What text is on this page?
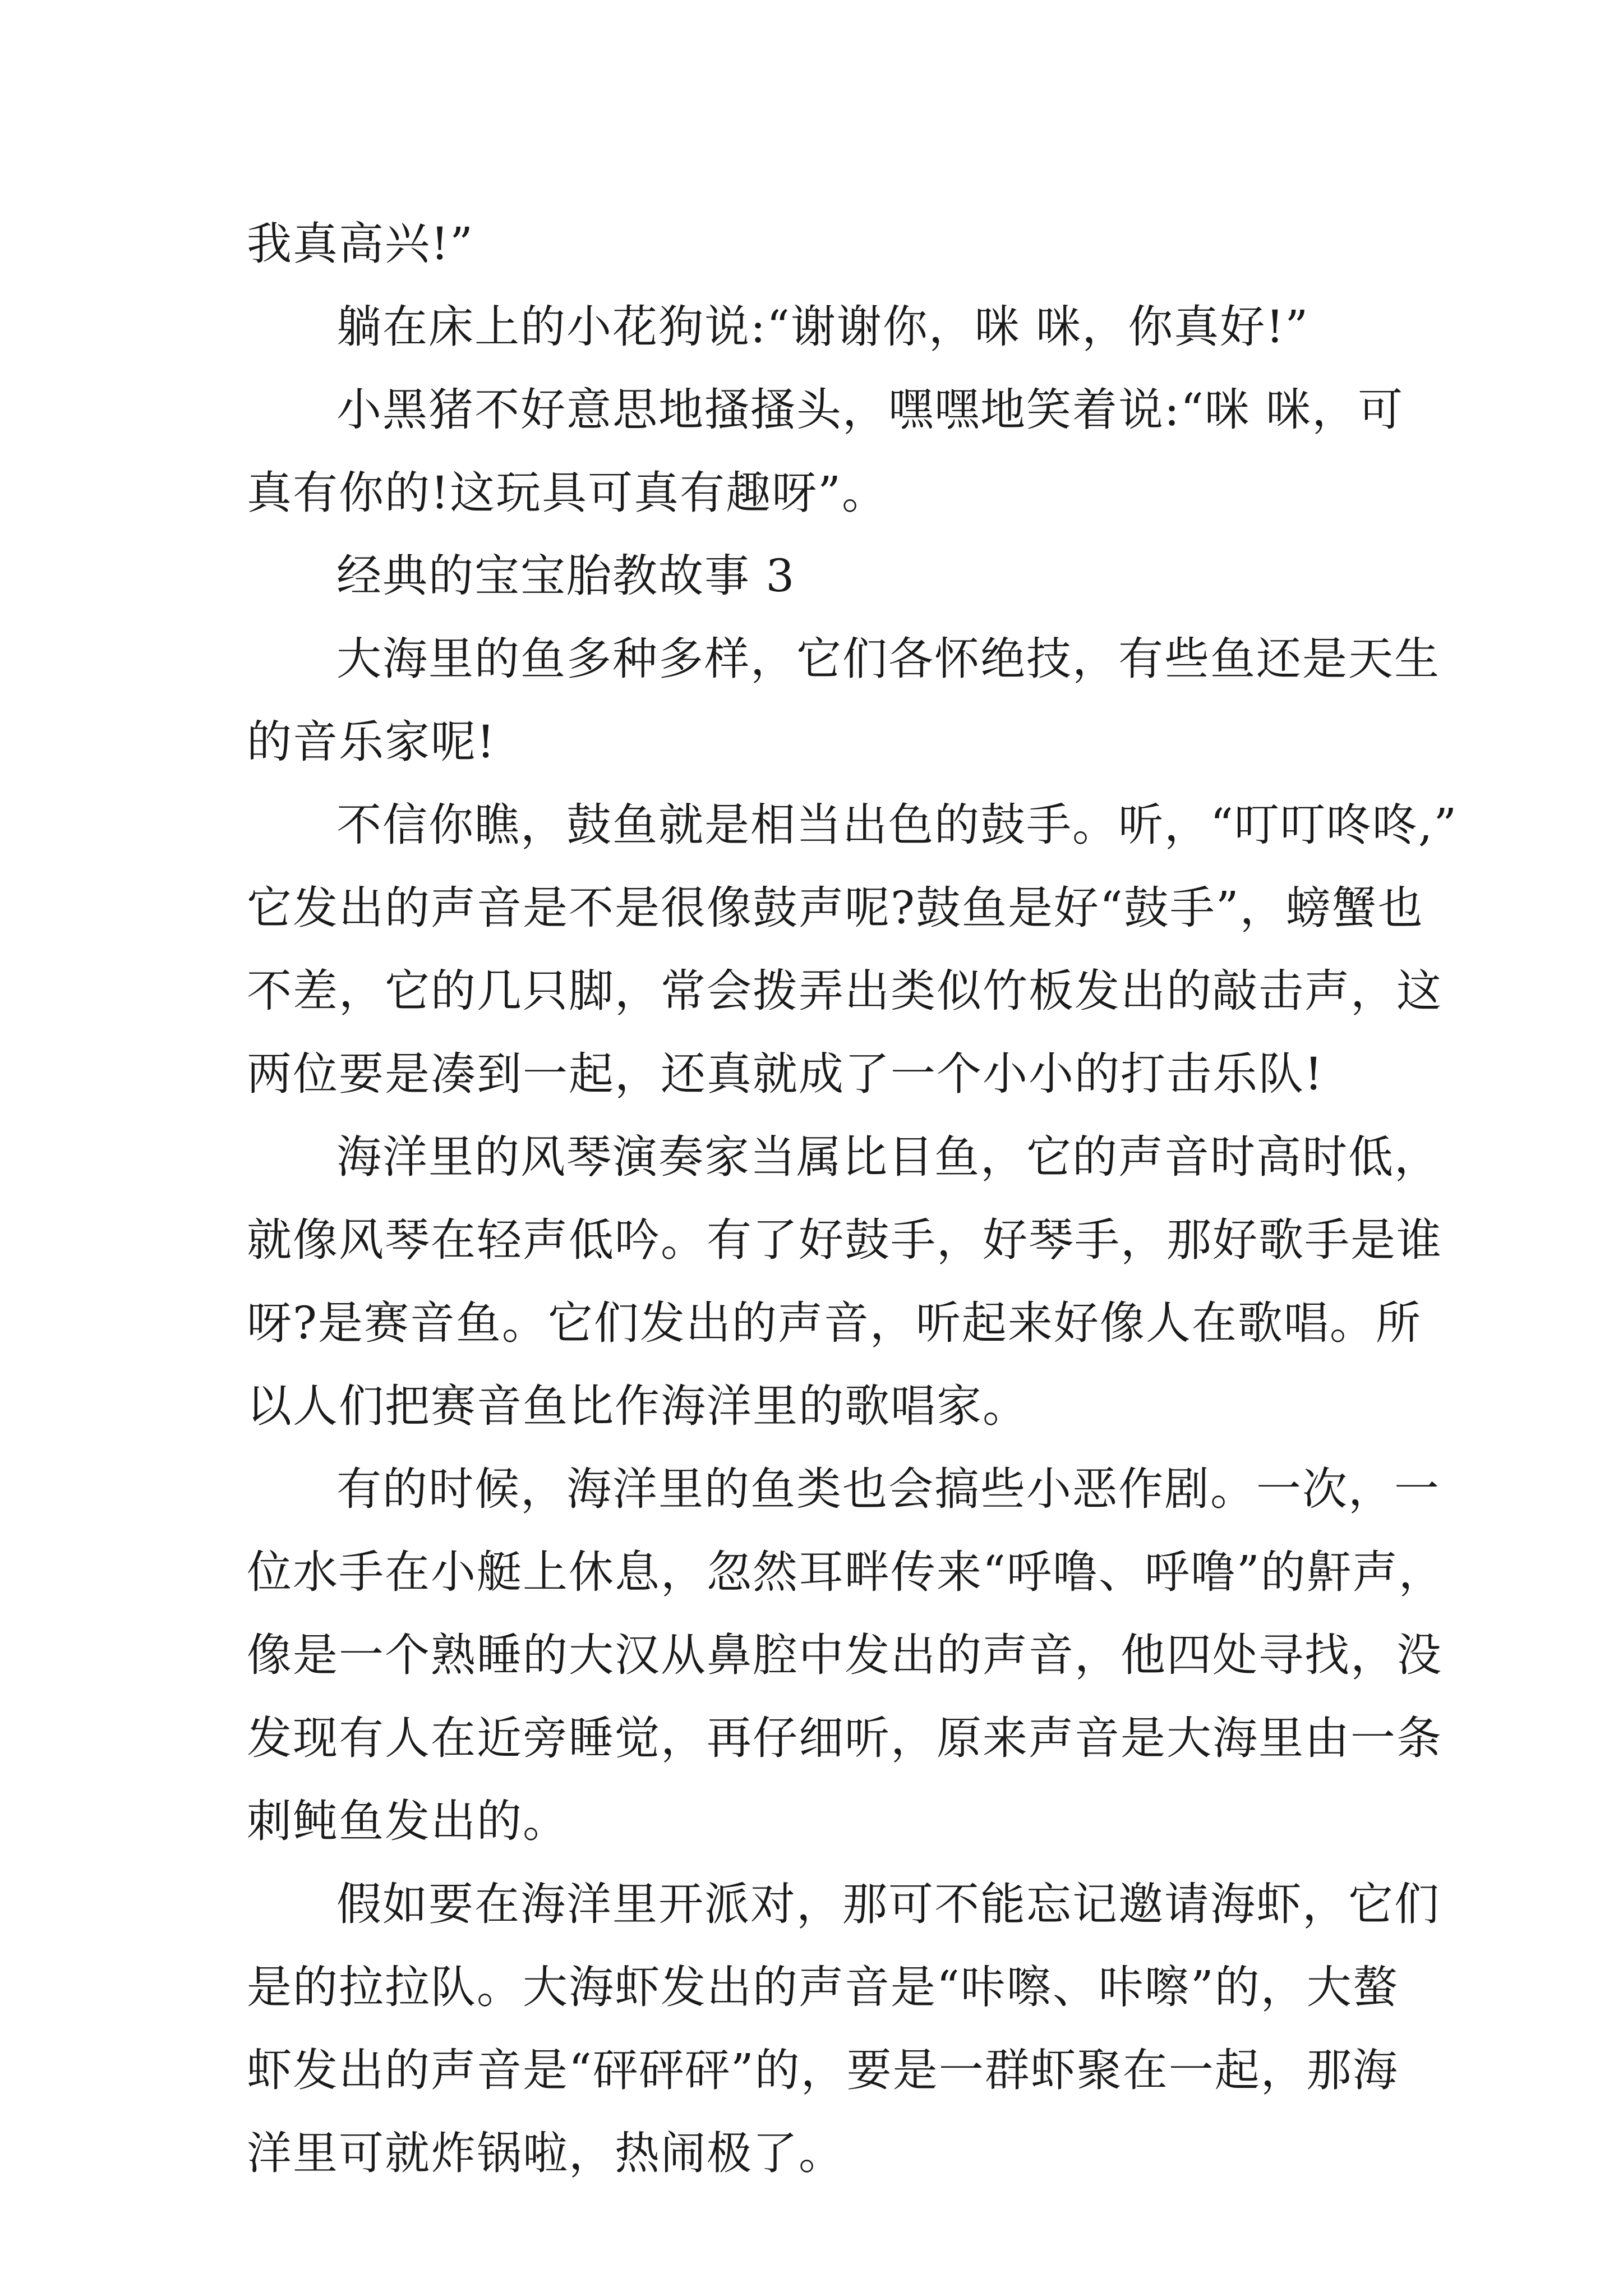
我真高兴!”
躺在床上的小花狗说:“谢谢你，咪 咪，你真好!”
小黑猪不好意思地搔搔头，嘿嘿地笑着说:“咪 咪，可
真有你的!这玩具可真有趣呀”。
经典的宝宝胎教故事 3
大海里的鱼多种多样，它们各怀绝技，有些鱼还是天生
的音乐家呢!
不信你瞧，鼓鱼就是相当出色的鼓手。听，“叮叮咚咚,”
它发出的声音是不是很像鼓声呢?鼓鱼是好“鼓手”，螃蟹也
不差，它的几只脚，常会拨弄出类似竹板发出的敲击声，这
两位要是凑到一起，还真就成了一个小小的打击乐队!
海洋里的风琴演奏家当属比目鱼，它的声音时高时低，
就像风琴在轻声低吟。有了好鼓手，好琴手，那好歌手是谁
呀?是赛音鱼。它们发出的声音，听起来好像人在歌唱。所
以人们把赛音鱼比作海洋里的歌唱家。
有的时候，海洋里的鱼类也会搞些小恶作剧。一次，一
位水手在小艇上休息，忽然耳畔传来“呼噜、呼噜”的鼾声，
像是一个熟睡的大汉从鼻腔中发出的声音，他四处寻找，没
发现有人在近旁睡觉，再仔细听，原来声音是大海里由一条
刺鲀鱼发出的。
假如要在海洋里开派对，那可不能忘记邀请海虾，它们
是的拉拉队。大海虾发出的声音是“咔嚓、咔嚓”的，大螯
虾发出的声音是“砰砰砰”的，要是一群虾聚在一起，那海
洋里可就炸锅啦，热闹极了。
